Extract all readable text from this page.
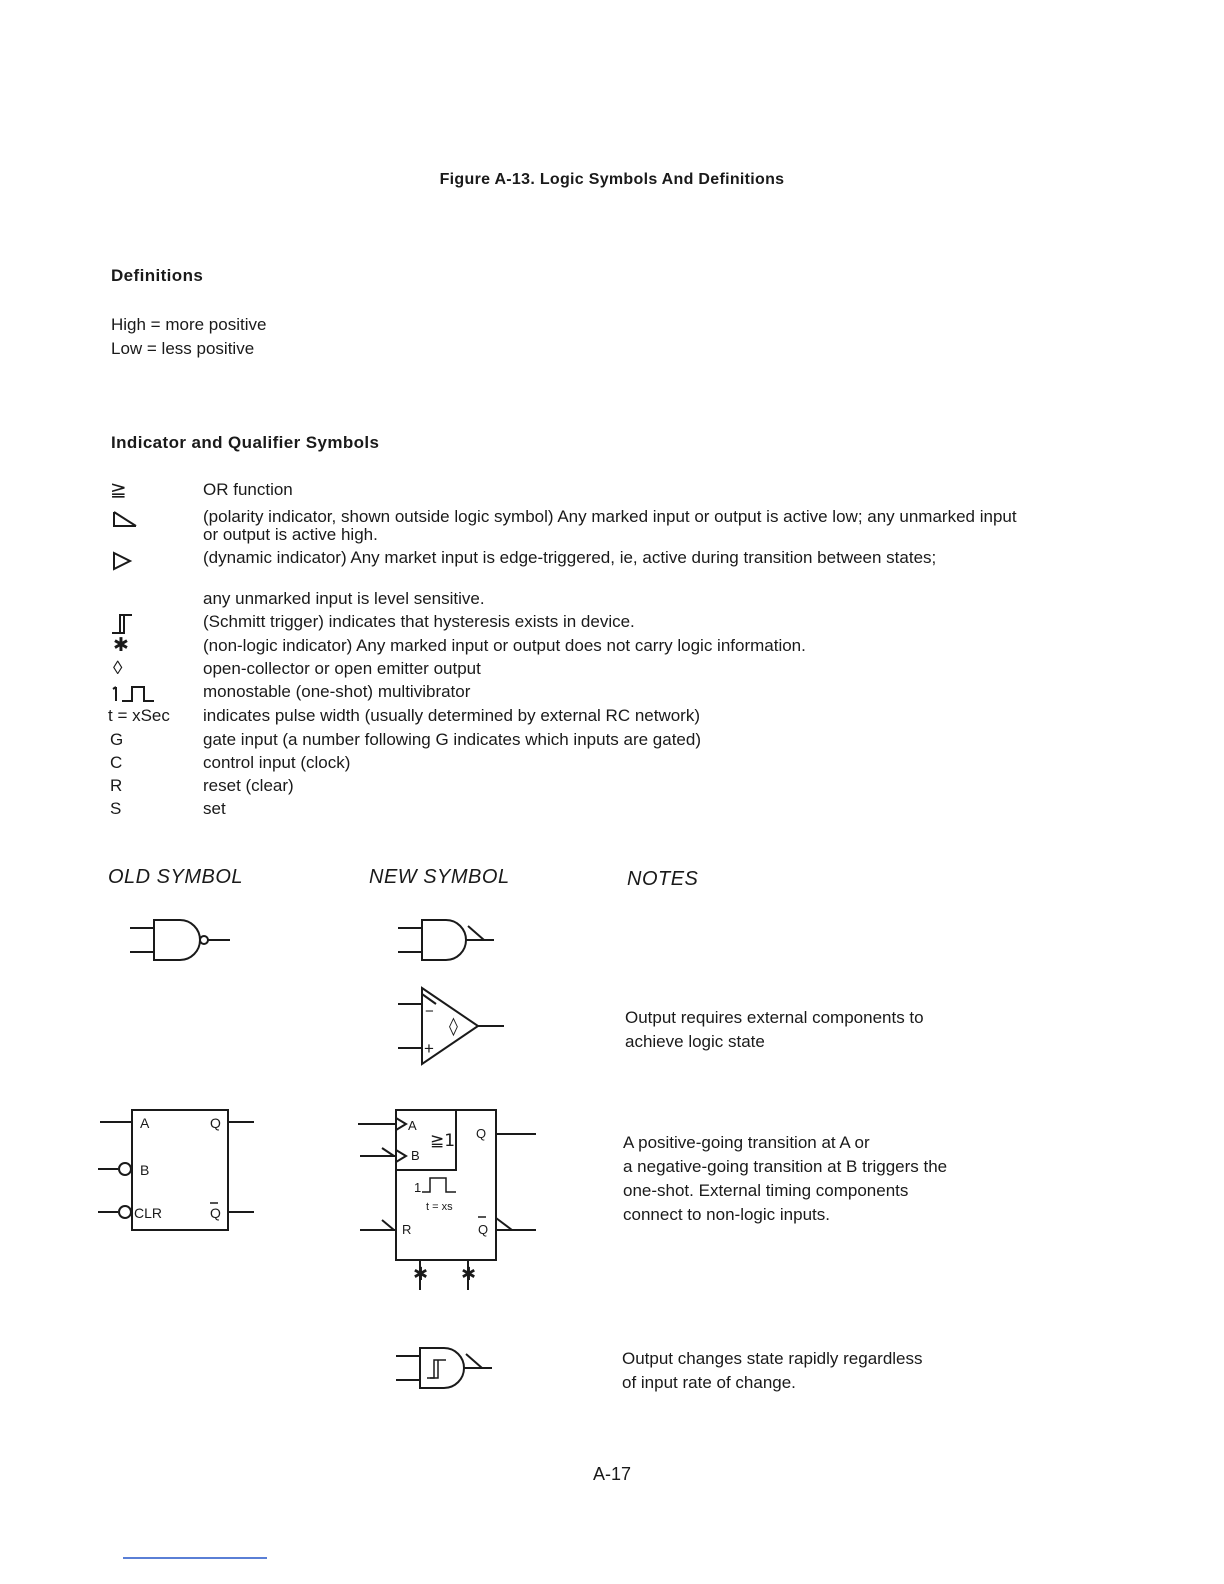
Figure A-13. Logic Symbols And Definitions
Definitions
High = more positive
Low = less positive
Indicator and Qualifier Symbols
≧	OR function
(polarity indicator, shown outside logic symbol) Any marked input or output is active low; any unmarked input or output is active high.
(dynamic indicator) Any market input is edge-triggered, ie, active during transition between states;
any unmarked input is level sensitive.
(Schmitt trigger) indicates that hysteresis exists in device.
✱	(non-logic indicator) Any marked input or output does not carry logic information.
◊	open-collector or open emitter output
monostable (one-shot) multivibrator
t = xSec	indicates pulse width (usually determined by external RC network)
G	gate input (a number following G indicates which inputs are gated)
C	control input (clock)
R	reset (clear)
S	set
OLD SYMBOL	NEW SYMBOL	NOTES
−
+
◊	Output requires external components to
achieve logic state
A
B
CLR
Q
Q
✱ ✱
A
B
≧1 Q
1
t = xs
R	Q
A positive-going transition at A or
a negative-going transition at B triggers the
one-shot. External timing components
connect to non-logic inputs.
Output changes state rapidly regardless
of input rate of change.
A-17
